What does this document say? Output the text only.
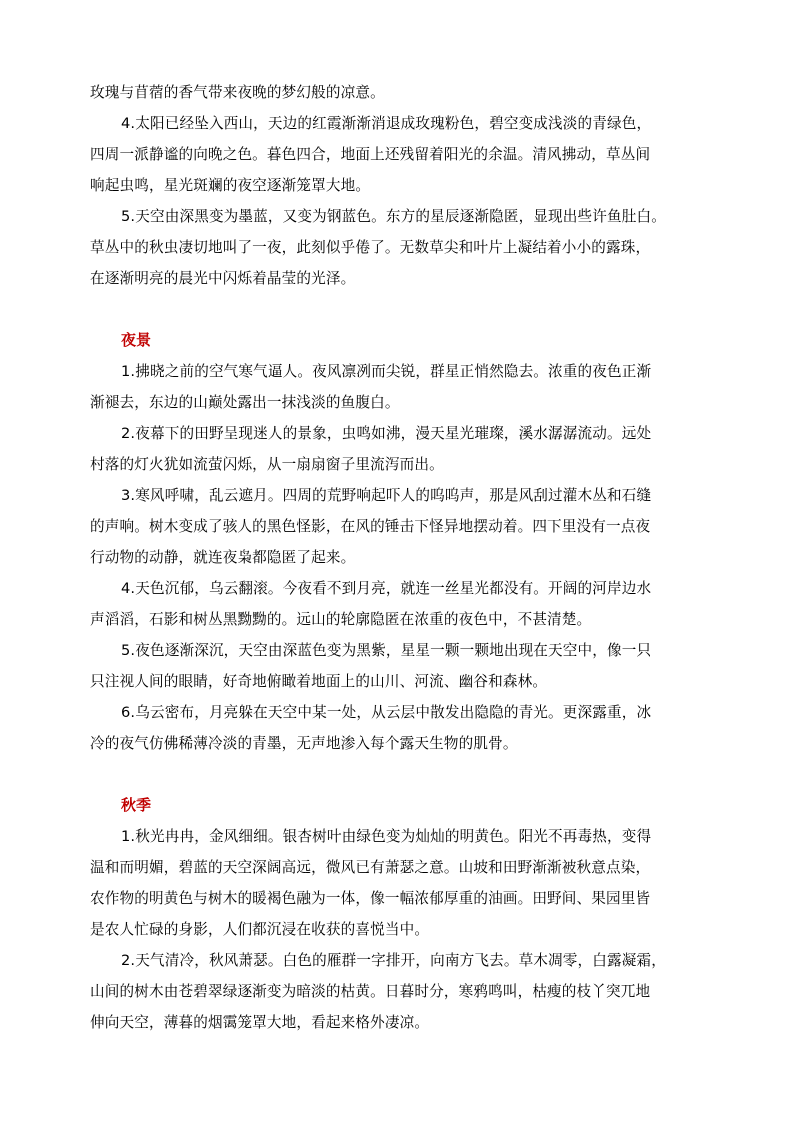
玫瑰与苜蓿的香气带来夜晚的梦幻般的凉意。

4.太阳已经坠入西山，天边的红霞渐渐消退成玫瑰粉色，碧空变成浅淡的青绿色，

四周一派静谧的向晚之色。暮色四合，地面上还残留着阳光的余温。清风拂动，草丛间

响起虫鸣，星光斑斓的夜空逐渐笼罩大地。

5.天空由深黑变为墨蓝，又变为钢蓝色。东方的星辰逐渐隐匿，显现出些许鱼肚白。

草丛中的秋虫凄切地叫了一夜，此刻似乎倦了。无数草尖和叶片上凝结着小小的露珠，

在逐渐明亮的晨光中闪烁着晶莹的光泽。

夜景

1.拂晓之前的空气寒气逼人。夜风凛冽而尖锐，群星正悄然隐去。浓重的夜色正渐

渐褪去，东边的山巅处露出一抹浅淡的鱼腹白。

2.夜幕下的田野呈现迷人的景象，虫鸣如沸，漫天星光璀璨，溪水潺潺流动。远处

村落的灯火犹如流萤闪烁，从一扇扇窗子里流泻而出。

3.寒风呼啸，乱云遮月。四周的荒野响起吓人的呜呜声，那是风刮过灌木丛和石缝

的声响。树木变成了骇人的黑色怪影，在风的锤击下怪异地摆动着。四下里没有一点夜

行动物的动静，就连夜枭都隐匿了起来。

4.天色沉郁，乌云翻滚。今夜看不到月亮，就连一丝星光都没有。开阔的河岸边水

声滔滔，石影和树丛黑黝黝的。远山的轮廓隐匿在浓重的夜色中，不甚清楚。

5.夜色逐渐深沉，天空由深蓝色变为黑紫，星星一颗一颗地出现在天空中，像一只

只注视人间的眼睛，好奇地俯瞰着地面上的山川、河流、幽谷和森林。

6.乌云密布，月亮躲在天空中某一处，从云层中散发出隐隐的青光。更深露重，冰

冷的夜气仿佛稀薄冷淡的青墨，无声地渗入每个露天生物的肌骨。

秋季

1.秋光冉冉，金风细细。银杏树叶由绿色变为灿灿的明黄色。阳光不再毒热，变得

温和而明媚，碧蓝的天空深阔高远，微风已有萧瑟之意。山坡和田野渐渐被秋意点染，

农作物的明黄色与树木的暖褐色融为一体，像一幅浓郁厚重的油画。田野间、果园里皆

是农人忙碌的身影，人们都沉浸在收获的喜悦当中。

2.天气清冷，秋风萧瑟。白色的雁群一字排开，向南方飞去。草木凋零，白露凝霜，

山间的树木由苍碧翠绿逐渐变为暗淡的枯黄。日暮时分，寒鸦鸣叫，枯瘦的枝丫突兀地

伸向天空，薄暮的烟霭笼罩大地，看起来格外凄凉。
